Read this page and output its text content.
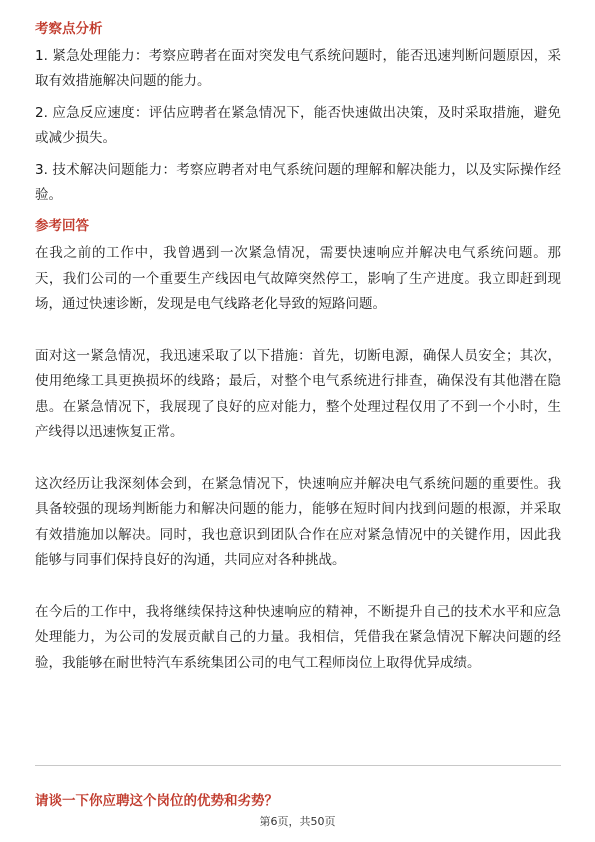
考察点分析
1. 紧急处理能力：考察应聘者在面对突发电气系统问题时，能否迅速判断问题原因，采取有效措施解决问题的能力。
2. 应急反应速度：评估应聘者在紧急情况下，能否快速做出决策，及时采取措施，避免或减少损失。
3. 技术解决问题能力：考察应聘者对电气系统问题的理解和解决能力，以及实际操作经验。
参考回答
在我之前的工作中，我曾遇到一次紧急情况，需要快速响应并解决电气系统问题。那天，我们公司的一个重要生产线因电气故障突然停工，影响了生产进度。我立即赶到现场，通过快速诊断，发现是电气线路老化导致的短路问题。
面对这一紧急情况，我迅速采取了以下措施：首先，切断电源，确保人员安全；其次，使用绝缘工具更换损坏的线路；最后，对整个电气系统进行排查，确保没有其他潜在隐患。在紧急情况下，我展现了良好的应对能力，整个处理过程仅用了不到一个小时，生产线得以迅速恢复正常。
这次经历让我深刻体会到，在紧急情况下，快速响应并解决电气系统问题的重要性。我具备较强的现场判断能力和解决问题的能力，能够在短时间内找到问题的根源，并采取有效措施加以解决。同时，我也意识到团队合作在应对紧急情况中的关键作用，因此我能够与同事们保持良好的沟通，共同应对各种挑战。
在今后的工作中，我将继续保持这种快速响应的精神，不断提升自己的技术水平和应急处理能力，为公司的发展贡献自己的力量。我相信，凭借我在紧急情况下解决问题的经验，我能够在耐世特汽车系统集团公司的电气工程师岗位上取得优异成绩。
请谈一下你应聘这个岗位的优势和劣势？
第6页，共50页
